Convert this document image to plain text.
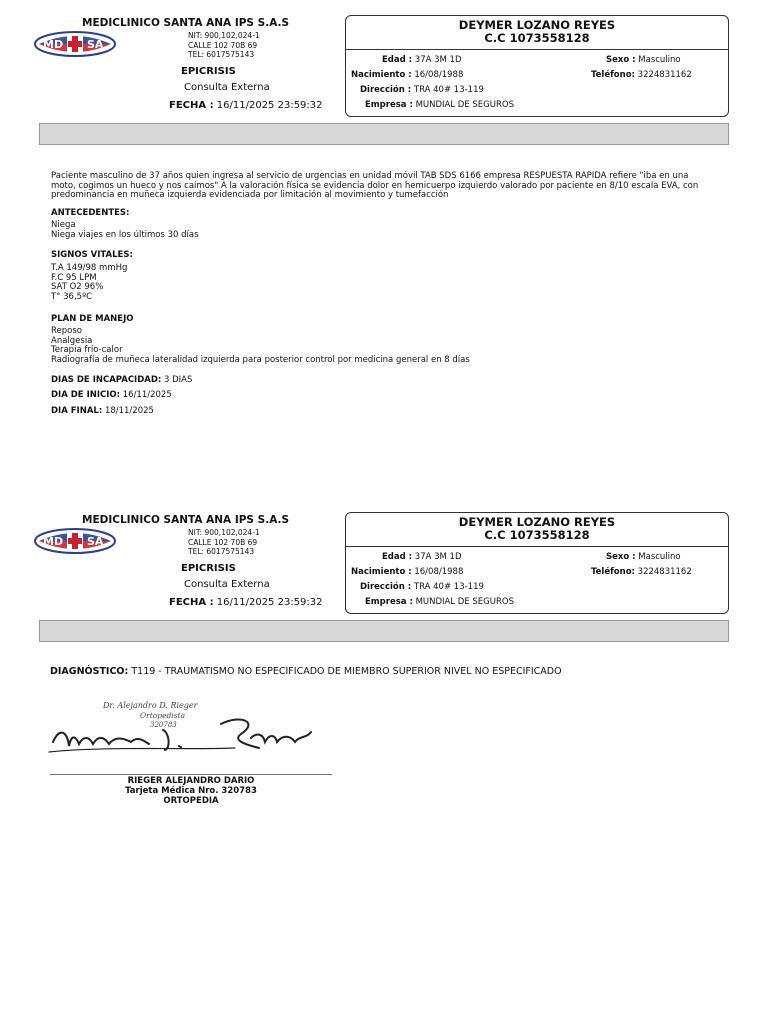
MD SA
MEDICLINICO SANTA ANA IPS S.A.S
NIT: 900,102,024-1
CALLE 102 70B 69
TEL: 6017575143
EPICRISIS
Consulta Externa
FECHA : 16/11/2025 23:59:32
DEYMER LOZANO REYES
C.C 1073558128
Edad : 37A 3M 1D	Sexo : Masculino
Nacimiento : 16/08/1988	Teléfono: 3224831162
Dirección : TRA 40# 13-119
Empresa : MUNDIAL DE SEGUROS
Paciente masculino de 37 años quien ingresa al servicio de urgencias en unidad móvil TAB SDS 6166 empresa RESPUESTA RAPIDA refiere "iba en una
moto, cogimos un hueco y nos caímos" A la valoración física se evidencia dolor en hemicuerpo izquierdo valorado por paciente en 8/10 escala EVA, con
predominancia en muñeca izquierda evidenciada por limitación al movimiento y tumefacción
ANTECEDENTES:
Niega
Niega viajes en los últimos 30 días
SIGNOS VITALES:
T.A 149/98 mmHg
F.C 95 LPM
SAT O2 96%
T° 36,5ºC
PLAN DE MANEJO
Reposo
Analgesia
Terapia frío-calor
Radiografía de muñeca lateralidad izquierda para posterior control por medicina general en 8 días
DIAS DE INCAPACIDAD: 3 DIAS
DIA DE INICIO: 16/11/2025
DIA FINAL: 18/11/2025
MD SA
MEDICLINICO SANTA ANA IPS S.A.S
NIT: 900,102,024-1
CALLE 102 70B 69
TEL: 6017575143
EPICRISIS
Consulta Externa
FECHA : 16/11/2025 23:59:32
DEYMER LOZANO REYES
C.C 1073558128
Edad : 37A 3M 1D	Sexo : Masculino
Nacimiento : 16/08/1988	Teléfono: 3224831162
Dirección : TRA 40# 13-119
Empresa : MUNDIAL DE SEGUROS
DIAGNÓSTICO: T119 - TRAUMATISMO NO ESPECIFICADO DE MIEMBRO SUPERIOR NIVEL NO ESPECIFICADO
Dr. Alejandro D. Rieger
Ortopedista
320783
RIEGER ALEJANDRO DARIO
Tarjeta Médica Nro. 320783
ORTOPEDIA
